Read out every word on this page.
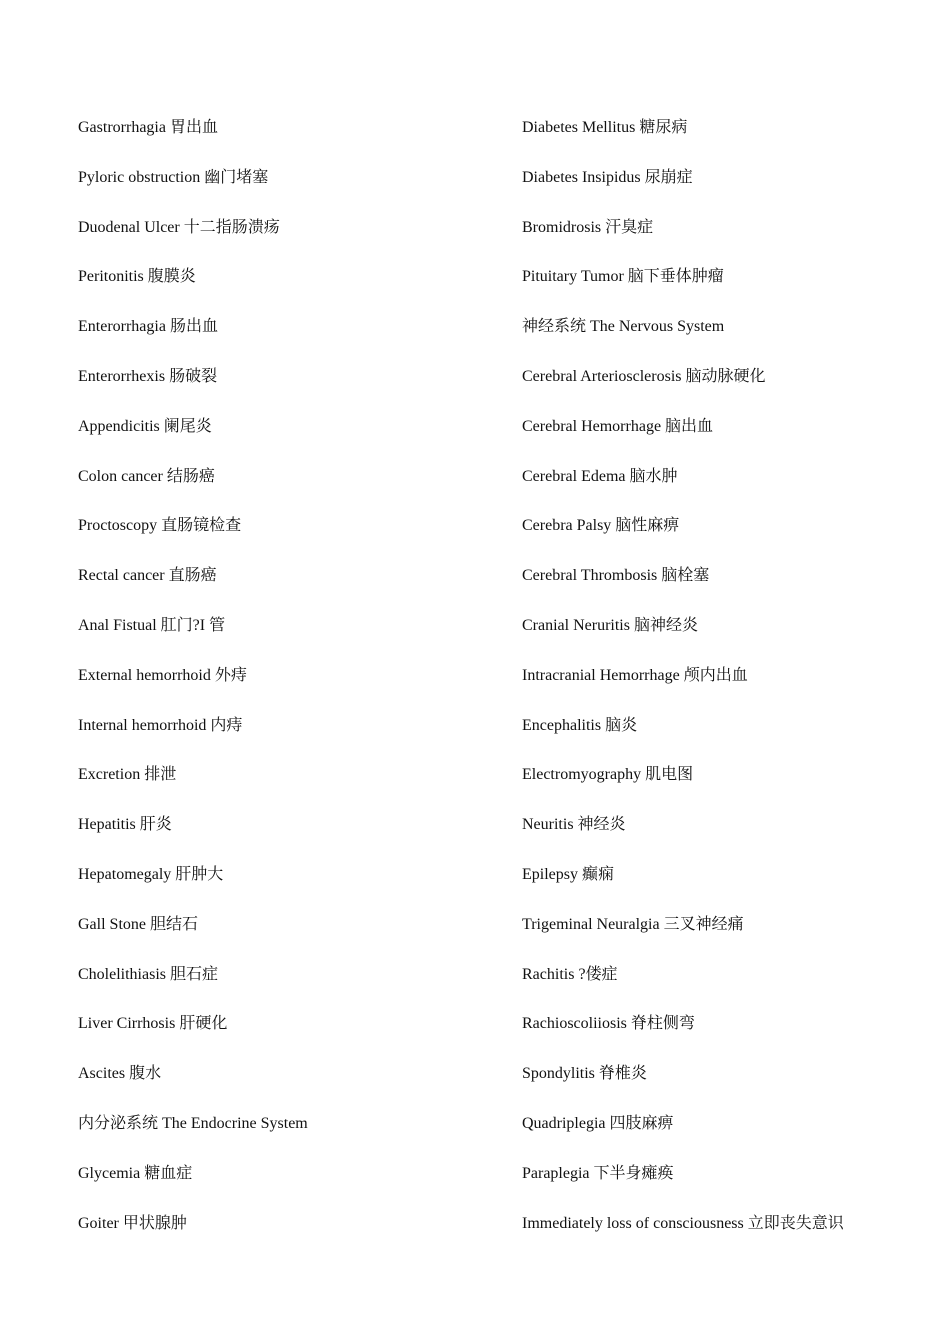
Gastrorrhagia 胃出血
Pyloric obstruction 幽门堵塞
Duodenal Ulcer 十二指肠溃疡
Peritonitis 腹膜炎
Enterorrhagia 肠出血
Enterorrhexis 肠破裂
Appendicitis 阑尾炎
Colon cancer 结肠癌
Proctoscopy 直肠镜检查
Rectal cancer 直肠癌
Anal Fistual 肛门?I 管
External hemorrhoid 外痔
Internal hemorrhoid 内痔
Excretion 排泄
Hepatitis 肝炎
Hepatomegaly 肝肿大
Gall Stone 胆结石
Cholelithiasis 胆石症
Liver Cirrhosis 肝硬化
Ascites 腹水
内分泌系统 The Endocrine System
Glycemia 糖血症
Goiter 甲状腺肿
Diabetes Mellitus 糖尿病
Diabetes Insipidus 尿崩症
Bromidrosis 汗臭症
Pituitary Tumor 脑下垂体肿瘤
神经系统 The Nervous System
Cerebral Arteriosclerosis 脑动脉硬化
Cerebral Hemorrhage 脑出血
Cerebral Edema 脑水肿
Cerebra Palsy 脑性麻痹
Cerebral Thrombosis 脑栓塞
Cranial Neruritis 脑神经炎
Intracranial Hemorrhage 颅内出血
Encephalitis 脑炎
Electromyography 肌电图
Neuritis 神经炎
Epilepsy 癫痫
Trigeminal Neuralgia 三叉神经痛
Rachitis ?偻症
Rachioscoliiosis 脊柱侧弯
Spondylitis 脊椎炎
Quadriplegia 四肢麻痹
Paraplegia 下半身瘫痪
Immediately loss of consciousness 立即丧失意识
